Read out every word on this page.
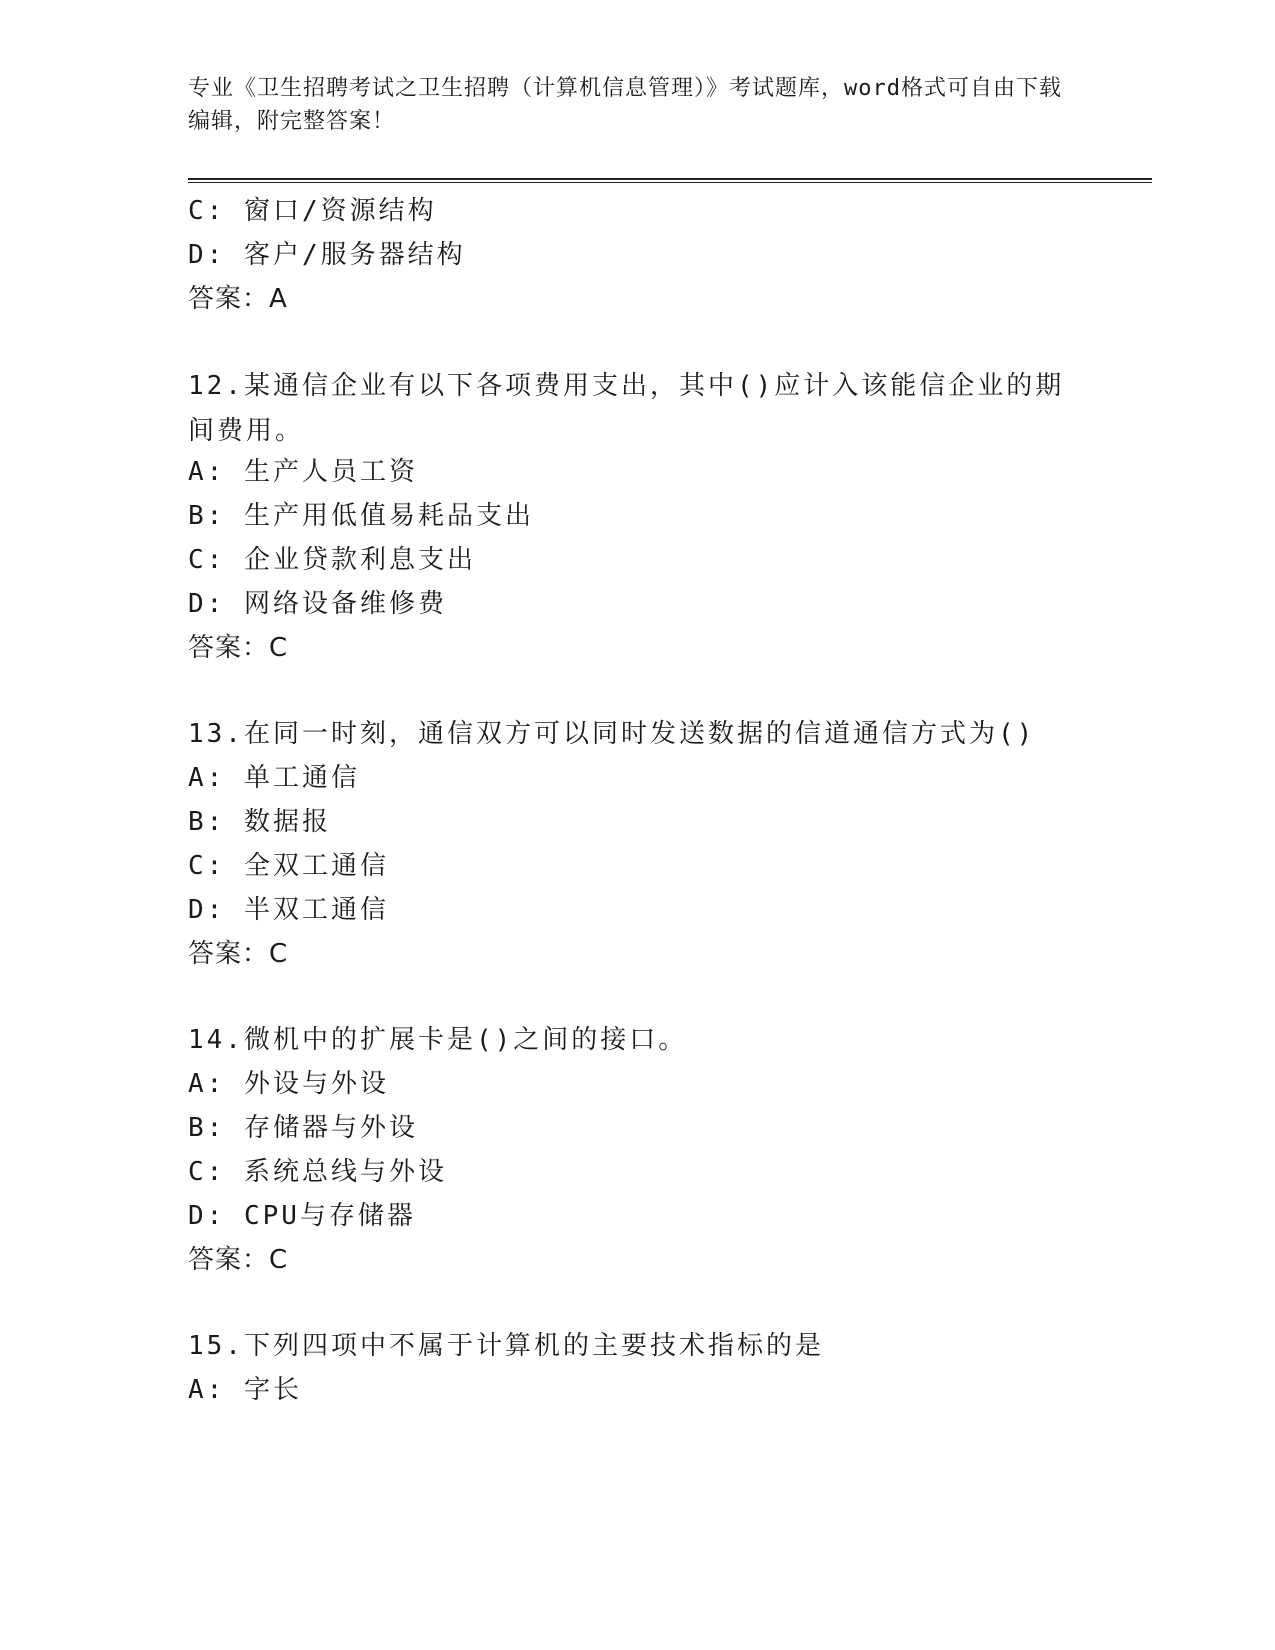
专业《卫生招聘考试之卫生招聘（计算机信息管理）》考试题库，word格式可自由下载编辑，附完整答案！
C: 窗口/资源结构
D: 客户/服务器结构
答案：A
12.某通信企业有以下各项费用支出，其中()应计入该能信企业的期间费用。
A: 生产人员工资
B: 生产用低值易耗品支出
C: 企业贷款利息支出
D: 网络设备维修费
答案：C
13.在同一时刻，通信双方可以同时发送数据的信道通信方式为()
A: 单工通信
B: 数据报
C: 全双工通信
D: 半双工通信
答案：C
14.微机中的扩展卡是()之间的接口。
A: 外设与外设
B: 存储器与外设
C: 系统总线与外设
D: CPU与存储器
答案：C
15.下列四项中不属于计算机的主要技术指标的是
A: 字长
